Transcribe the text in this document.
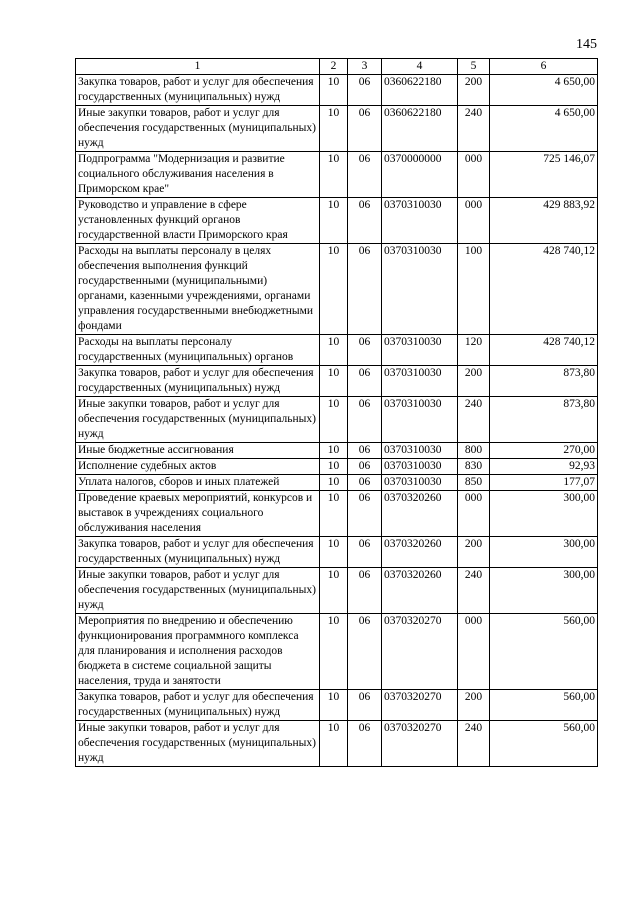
145
1	2	3	4	5	6
Закупка товаров, работ и услуг для обеспечения государственных (муниципальных) нужд	10	06	0360622180	200	4 650,00
Иные закупки товаров, работ и услуг для обеспечения государственных (муниципальных) нужд	10	06	0360622180	240	4 650,00
Подпрограмма "Модернизация и развитие социального обслуживания населения в Приморском крае"	10	06	0370000000	000	725 146,07
Руководство и управление в сфере установленных функций органов государственной власти Приморского края	10	06	0370310030	000	429 883,92
Расходы на выплаты персоналу в целях обеспечения выполнения функций государственными (муниципальными) органами, казенными учреждениями, органами управления государственными внебюджетными фондами	10	06	0370310030	100	428 740,12
Расходы на выплаты персоналу государственных (муниципальных) органов	10	06	0370310030	120	428 740,12
Закупка товаров, работ и услуг для обеспечения государственных (муниципальных) нужд	10	06	0370310030	200	873,80
Иные закупки товаров, работ и услуг для обеспечения государственных (муниципальных) нужд	10	06	0370310030	240	873,80
Иные бюджетные ассигнования	10	06	0370310030	800	270,00
Исполнение судебных актов	10	06	0370310030	830	92,93
Уплата налогов, сборов и иных платежей	10	06	0370310030	850	177,07
Проведение краевых мероприятий, конкурсов и выставок в учреждениях социального обслуживания населения	10	06	0370320260	000	300,00
Закупка товаров, работ и услуг для обеспечения государственных (муниципальных) нужд	10	06	0370320260	200	300,00
Иные закупки товаров, работ и услуг для обеспечения государственных (муниципальных) нужд	10	06	0370320260	240	300,00
Мероприятия по внедрению и обеспечению функционирования программного комплекса для планирования и исполнения расходов бюджета в системе социальной защиты населения, труда и занятости	10	06	0370320270	000	560,00
Закупка товаров, работ и услуг для обеспечения государственных (муниципальных) нужд	10	06	0370320270	200	560,00
Иные закупки товаров, работ и услуг для обеспечения государственных (муниципальных) нужд	10	06	0370320270	240	560,00
